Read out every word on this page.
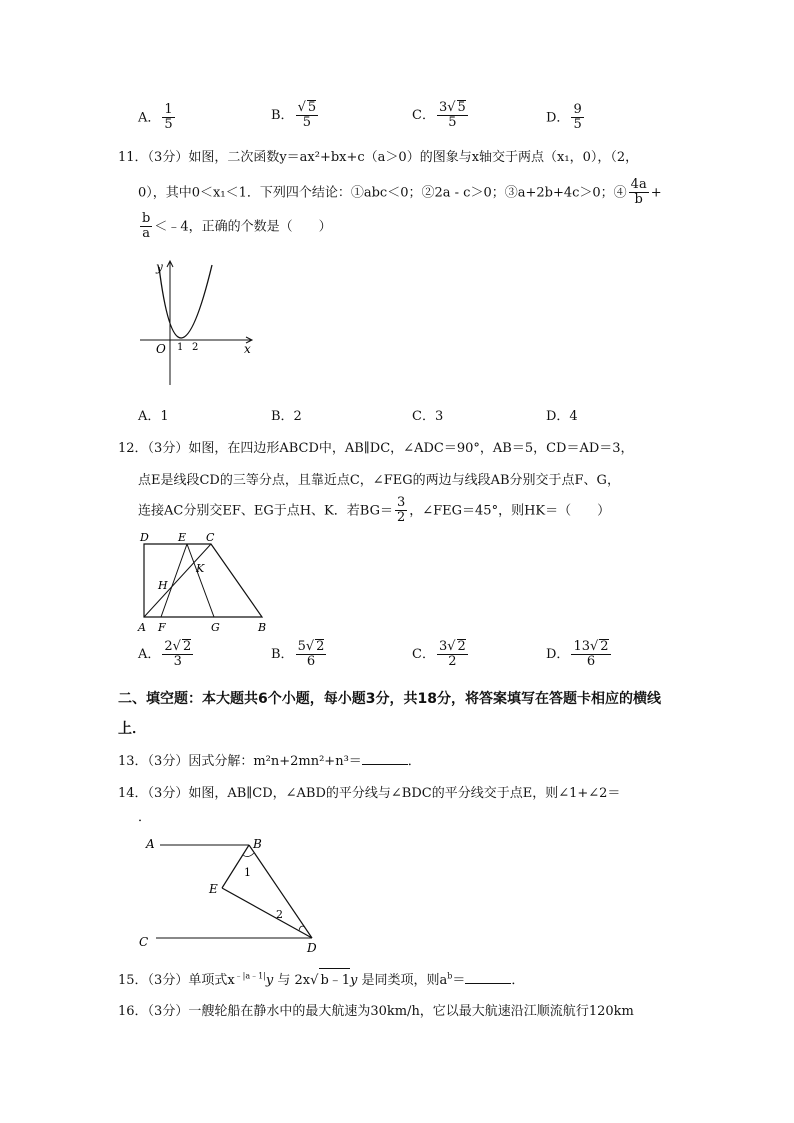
A． $\frac{1}{5}$	B． $\frac{√ 5}{5}$	C． $\frac{3√ 5}{5}$	D． $\frac{9}{5}$
11．（3分）如图，二次函数y＝ax²+bx+c（a＞0）的图象与x轴交于两点（x₁，0），（2，
0），其中0＜x₁＜1．下列四个结论：①abc＜0；②2a - c＞0；③a+2b+4c＞0；④ $\frac{4a}{b}$ +
$\frac{b}{a}$ ＜﹣4，正确的个数是（　　）
y
x
O 1 2
A．1	B．2	C．3	D．4
12．（3分）如图，在四边形ABCD中，AB∥DC，∠ADC＝90°，AB＝5，CD＝AD＝3，
点E是线段CD的三等分点，且靠近点C，∠FEG的两边与线段AB分别交于点F、G，
连接AC分别交EF、EG于点H、K．若$BG= \frac{3}{2}$ ，∠FEG＝45°，则HK＝（　　）
D	E C
H
K
A F	G	B
A． $\frac{2√ 2}{3}$	B． $\frac{5√ 2}{6}$	C． $\frac{3√ 2}{2}$	D． $\frac{13√ 2}{6}$
二、填空题：本大题共6个小题，每小题3分，共18分，将答案填写在答题卡相应的横线
上．
13．（3分）因式分解：m²n+2mn²+n³＝	．
14．（3分）如图，AB∥CD，∠ABD的平分线与∠BDC的平分线交于点E，则∠1+∠2＝
．
A	B
E
C	D
1
2
15．（3分）单项式$x^{﹣|a﹣1|}y$ 与 2x√ b﹣1y 是同类项，则$a^b=$	．
16．（3分）一艘轮船在静水中的最大航速为30km/h，它以最大航速沿江顺流航行120km
